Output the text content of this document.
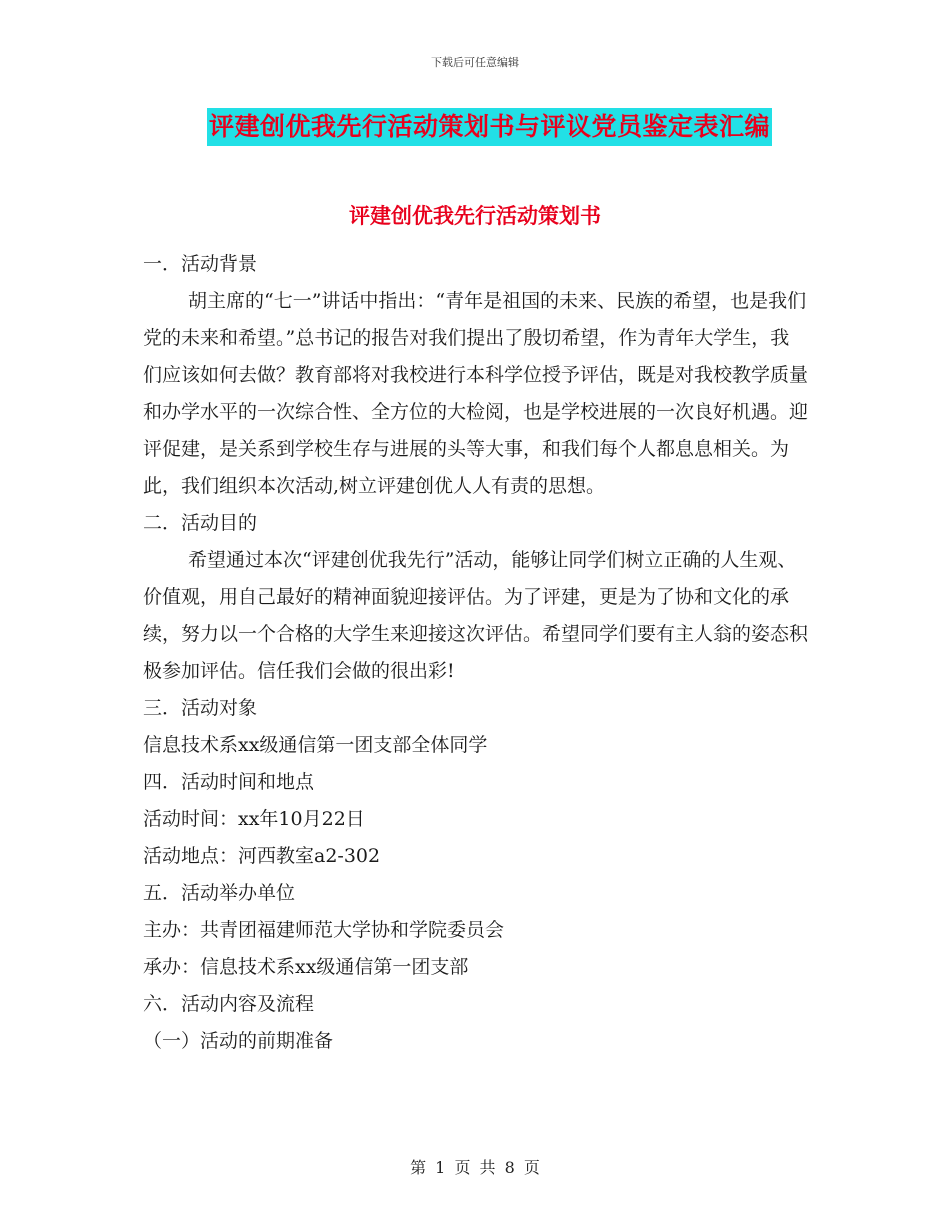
下载后可任意编辑
评建创优我先行活动策划书与评议党员鉴定表汇编
评建创优我先行活动策划书

一．活动背景

胡主席的“七一”讲话中指出：“青年是祖国的未来、民族的希望，也是我们党的未来和希望。”总书记的报告对我们提出了殷切希望，作为青年大学生，我们应该如何去做？教育部将对我校进行本科学位授予评估，既是对我校教学质量和办学水平的一次综合性、全方位的大检阅，也是学校进展的一次良好机遇。迎评促建，是关系到学校生存与进展的头等大事，和我们每个人都息息相关。为此，我们组织本次活动,树立评建创优人人有责的思想。

二．活动目的

希望通过本次“评建创优我先行”活动，能够让同学们树立正确的人生观、价值观，用自己最好的精神面貌迎接评估。为了评建，更是为了协和文化的承续，努力以一个合格的大学生来迎接这次评估。希望同学们要有主人翁的姿态积极参加评估。信任我们会做的很出彩!

三．活动对象

信息技术系xx级通信第一团支部全体同学

四．活动时间和地点

活动时间：xx年10月22日

活动地点：河西教室a2-302

五．活动举办单位

主办：共青团福建师范大学协和学院委员会

承办：信息技术系xx级通信第一团支部

六．活动内容及流程

（一）活动的前期准备

第 1 页 共 8 页
